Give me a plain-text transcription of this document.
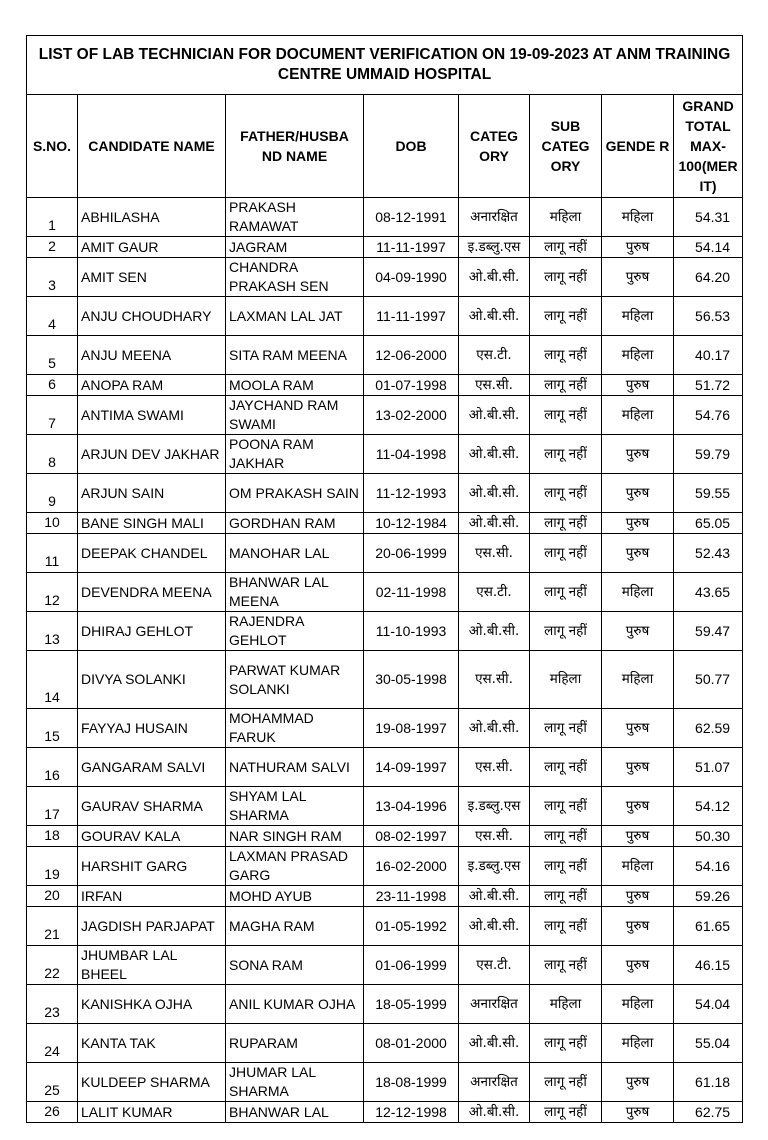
LIST OF LAB TECHNICIAN FOR DOCUMENT VERIFICATION ON 19-09-2023 AT ANM TRAINING CENTRE UMMAID HOSPITAL							
S.NO.	CANDIDATE NAME	FATHER/HUSBA ND NAME	DOB	CATEG ORY	SUB CATEG ORY	GENDE R	GRAND TOTAL MAX-100(MER IT)
1	ABHILASHA	PRAKASH RAMAWAT	08-12-1991	अनारक्षित	महिला	महिला	54.31
2	AMIT GAUR	JAGRAM	11-11-1997	इ.डब्लु.एस	लागू नहीं	पुरुष	54.14
3	AMIT SEN	CHANDRA PRAKASH SEN	04-09-1990	ओ.बी.सी.	लागू नहीं	पुरुष	64.20
4	ANJU CHOUDHARY	LAXMAN LAL JAT	11-11-1997	ओ.बी.सी.	लागू नहीं	महिला	56.53
5	ANJU MEENA	SITA RAM MEENA	12-06-2000	एस.टी.	लागू नहीं	महिला	40.17
6	ANOPA RAM	MOOLA RAM	01-07-1998	एस.सी.	लागू नहीं	पुरुष	51.72
7	ANTIMA SWAMI	JAYCHAND RAM SWAMI	13-02-2000	ओ.बी.सी.	लागू नहीं	महिला	54.76
8	ARJUN DEV JAKHAR	POONA RAM JAKHAR	11-04-1998	ओ.बी.सी.	लागू नहीं	पुरुष	59.79
9	ARJUN SAIN	OM PRAKASH SAIN	11-12-1993	ओ.बी.सी.	लागू नहीं	पुरुष	59.55
10	BANE SINGH MALI	GORDHAN RAM	10-12-1984	ओ.बी.सी.	लागू नहीं	पुरुष	65.05
11	DEEPAK CHANDEL	MANOHAR LAL	20-06-1999	एस.सी.	लागू नहीं	पुरुष	52.43
12	DEVENDRA MEENA	BHANWAR LAL MEENA	02-11-1998	एस.टी.	लागू नहीं	महिला	43.65
13	DHIRAJ GEHLOT	RAJENDRA GEHLOT	11-10-1993	ओ.बी.सी.	लागू नहीं	पुरुष	59.47
14	DIVYA SOLANKI	PARWAT KUMAR SOLANKI	30-05-1998	एस.सी.	महिला	महिला	50.77
15	FAYYAJ HUSAIN	MOHAMMAD FARUK	19-08-1997	ओ.बी.सी.	लागू नहीं	पुरुष	62.59
16	GANGARAM SALVI	NATHURAM SALVI	14-09-1997	एस.सी.	लागू नहीं	पुरुष	51.07
17	GAURAV SHARMA	SHYAM LAL SHARMA	13-04-1996	इ.डब्लु.एस	लागू नहीं	पुरुष	54.12
18	GOURAV KALA	NAR SINGH RAM	08-02-1997	एस.सी.	लागू नहीं	पुरुष	50.30
19	HARSHIT GARG	LAXMAN PRASAD GARG	16-02-2000	इ.डब्लु.एस	लागू नहीं	महिला	54.16
20	IRFAN	MOHD AYUB	23-11-1998	ओ.बी.सी.	लागू नहीं	पुरुष	59.26
21	JAGDISH PARJAPAT	MAGHA RAM	01-05-1992	ओ.बी.सी.	लागू नहीं	पुरुष	61.65
22	JHUMBAR LAL BHEEL	SONA RAM	01-06-1999	एस.टी.	लागू नहीं	पुरुष	46.15
23	KANISHKA OJHA	ANIL KUMAR OJHA	18-05-1999	अनारक्षित	महिला	महिला	54.04
24	KANTA TAK	RUPARAM	08-01-2000	ओ.बी.सी.	लागू नहीं	महिला	55.04
25	KULDEEP SHARMA	JHUMAR LAL SHARMA	18-08-1999	अनारक्षित	लागू नहीं	पुरुष	61.18
26	LALIT KUMAR	BHANWAR LAL	12-12-1998	ओ.बी.सी.	लागू नहीं	पुरुष	62.75
